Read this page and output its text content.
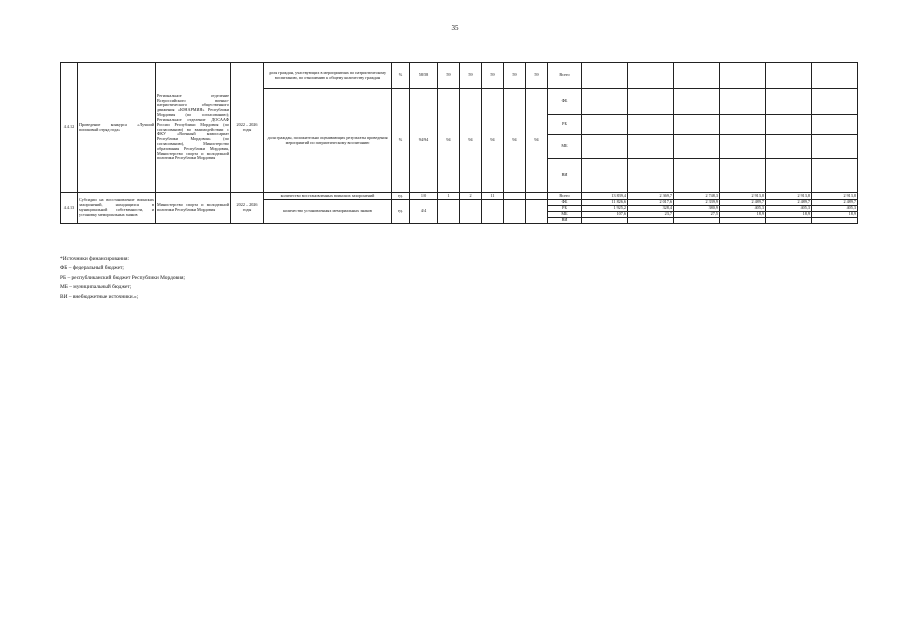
35
4.4.12	Проведение конкурса «Лучший поисковый отряд года»	Региональное отделение Всероссийского военно-патриотического общественного движения «ЮНАРМИЯ» Республики Мордовия (по согласованию); Региональное отделение ДОСААФ России Республики Мордовия (по согласованию) во взаимодействии с ФКУ «Военный комиссариат Республики Мордовия» (по согласованию), Министерство образования Республики Мордовия, Министерство спорта и молодежной политики Республики Мордовия	2022 – 2026 годы	доля граждан, участвующих в мероприятиях по патриотическому воспитанию, по отношению к общему количеству граждан	%	58/58	59	59	59	59	59	Всего						
				доля граждан, положительно оценивающих результаты проведения мероприятий по патриотическому воспитанию	%	94/94	94	94	94	94	94	ФБ						
												РБ						
												МБ						
												ВИ						
4.4.13	Субсидии на восстановление воинских захоронений, находящихся в муниципальной собственности, и установку мемориальных знаков	Министерство спорта и молодежной политики Республики Мордовия	2022 – 2026 годы	количество восстановленных воинских захоронений	ед.	1/0	1	2	11			Всего	13 839,4	2 369,7	2 748,3	2 913,8	2 913,8	2 913,8
				количество установленных мемориальных знаков	ед.	4/4						ФБ	11 826,6	2 017,6	2 339,9	2 489,7	2 489,7	2 489,7
												РБ	1 925,2	328,4	380,9	405,3	405,3	405,3
												МБ	107,6	23,7	27,5	18,9	18,9	18,9
												ВИ						
*Источники финансирования:
ФБ – федеральный бюджет;
РБ – республиканский бюджет Республики Мордовия;
МБ – муниципальный бюджет;
ВИ – внебюджетные источники.»;
